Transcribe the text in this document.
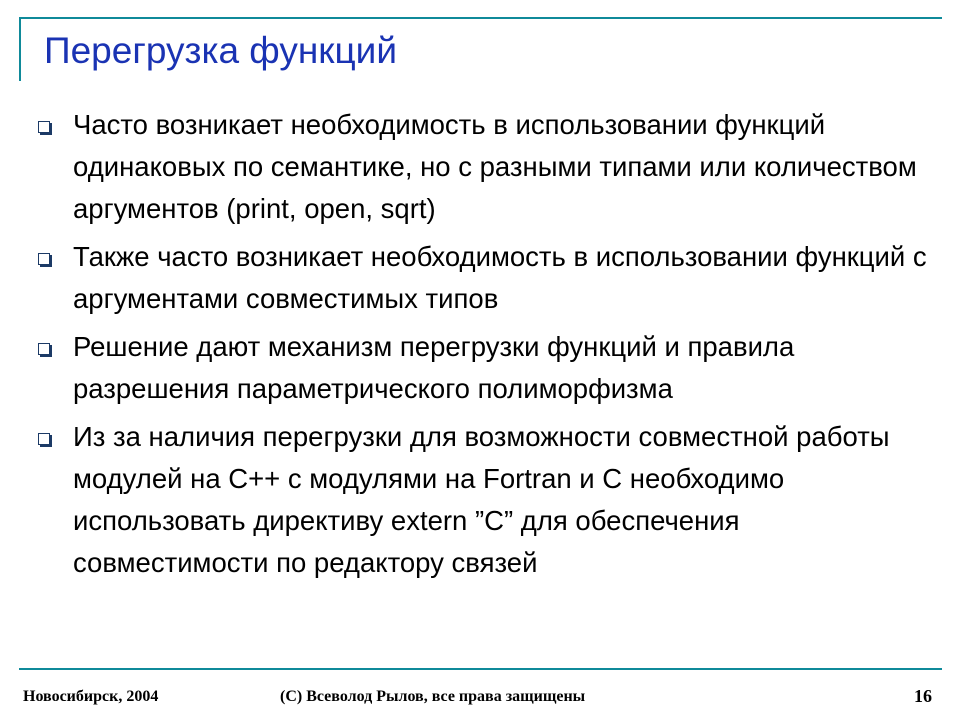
Перегрузка функций
Часто возникает необходимость в использовании функций одинаковых по семантике, но с разными типами или количеством аргументов (print, open, sqrt)
Также часто возникает необходимость в использовании функций с аргументами совместимых типов
Решение дают механизм перегрузки функций и правила разрешения параметрического полиморфизма
Из за наличия перегрузки для возможности совместной работы модулей на C++ с модулями на Fortran и C необходимо использовать директиву extern ”C” для обеспечения совместимости по редактору связей
Новосибирск, 2004	(C) Всеволод Рылов, все права защищены	16
